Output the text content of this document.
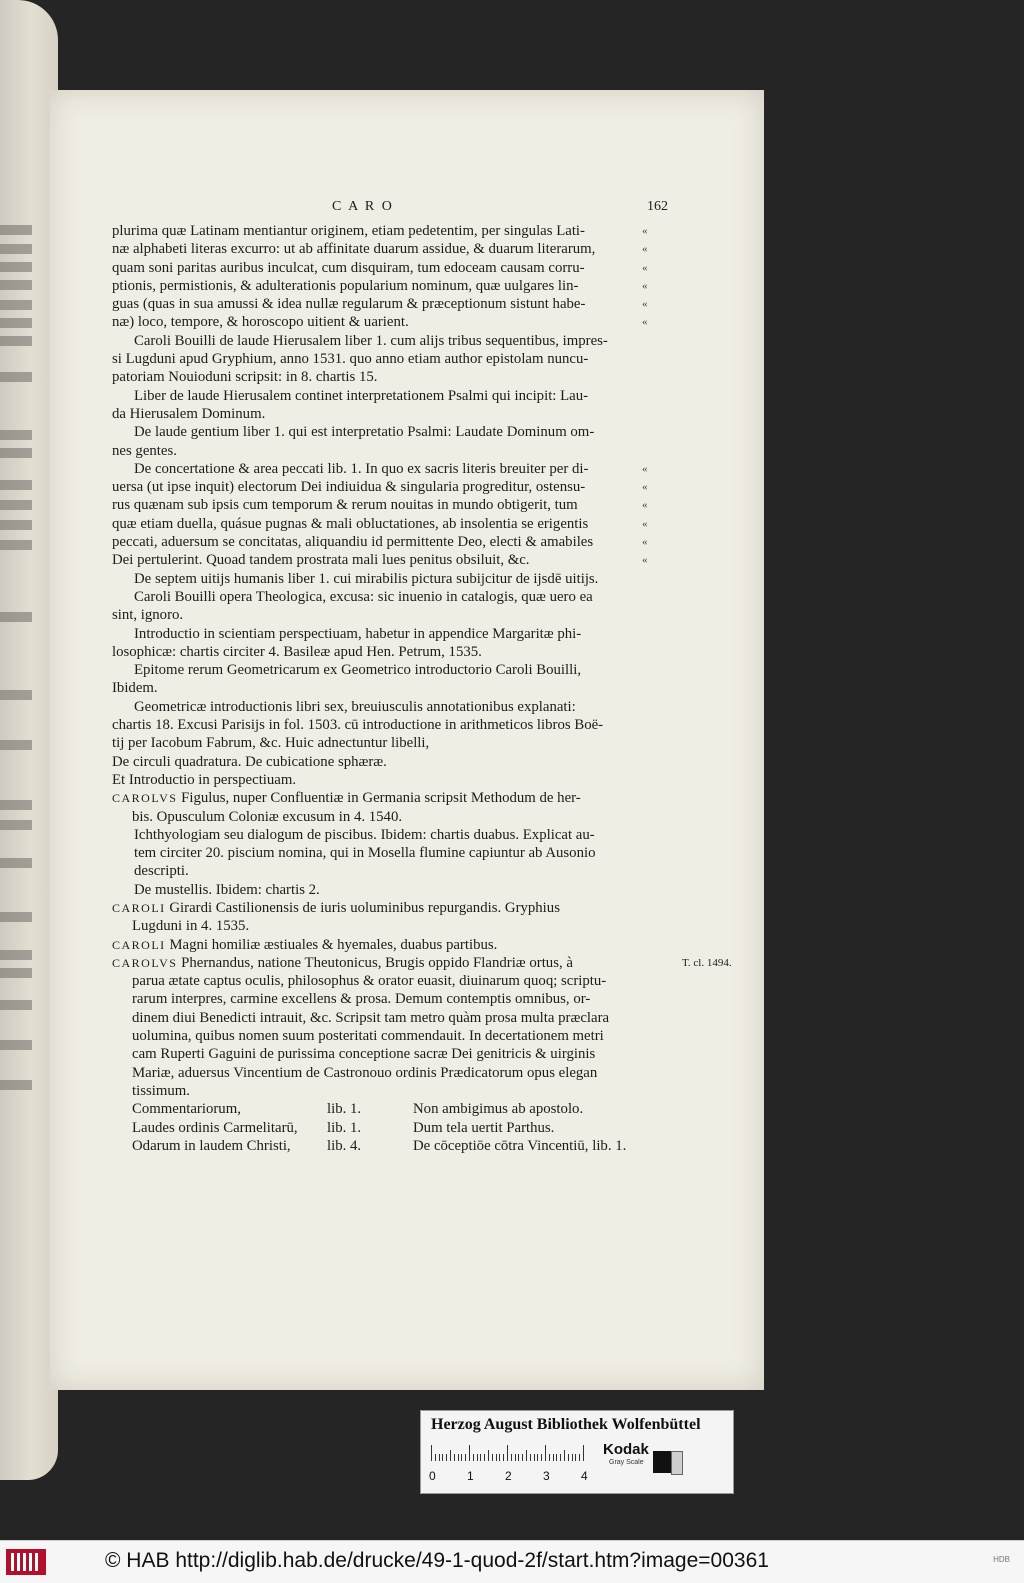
C A R O	162
plurima quæ Latinam mentiantur originem, etiam pedetentim, per singulas Lati-	«
næ alphabeti literas excurro: ut ab affinitate duarum assidue, & duarum literarum,	«
quam soni paritas auribus inculcat, cum disquiram, tum edoceam causam corru-	«
ptionis, permistionis, & adulterationis popularium nominum, quæ uulgares lin-	«
guas (quas in sua amussi & idea nullæ regularum & præceptionum sistunt habe-	«
næ) loco, tempore, & horoscopo uitient & uarient.	«
Caroli Bouilli de laude Hierusalem liber 1. cum alijs tribus sequentibus, impres-
si Lugduni apud Gryphium, anno 1531. quo anno etiam author epistolam nuncu-
patoriam Nouioduni scripsit: in 8. chartis 15.
Liber de laude Hierusalem continet interpretationem Psalmi qui incipit: Lau-
da Hierusalem Dominum.
De laude gentium liber 1. qui est interpretatio Psalmi: Laudate Dominum om-
nes gentes.
De concertatione & area peccati lib. 1. In quo ex sacris literis breuiter per di-	«
uersa (ut ipse inquit) electorum Dei indiuidua & singularia progreditur, ostensu-	«
rus quænam sub ipsis cum temporum & rerum nouitas in mundo obtigerit, tum	«
quæ etiam duella, quásue pugnas & mali obluctationes, ab insolentia se erigentis	«
peccati, aduersum se concitatas, aliquandiu id permittente Deo, electi & amabiles	«
Dei pertulerint. Quoad tandem prostrata mali lues penitus obsiluit, &c.	«
De septem uitijs humanis liber 1. cui mirabilis pictura subijcitur de ijsdē uitijs.
Caroli Bouilli opera Theologica, excusa: sic inuenio in catalogis, quæ uero ea
sint, ignoro.
Introductio in scientiam perspectiuam, habetur in appendice Margaritæ phi-
losophicæ: chartis circiter 4. Basileæ apud Hen. Petrum, 1535.
Epitome rerum Geometricarum ex Geometrico introductorio Caroli Bouilli,
Ibidem.
Geometricæ introductionis libri sex, breuiusculis annotationibus explanati:
chartis 18. Excusi Parisijs in fol. 1503. cū introductione in arithmeticos libros Boë-
tij per Iacobum Fabrum, &c. Huic adnectuntur libelli,
De circuli quadratura. De cubicatione sphæræ.
Et Introductio in perspectiuam.
CAROLVS Figulus, nuper Confluentiæ in Germania scripsit Methodum de her-
bis. Opusculum Coloniæ excusum in 4. 1540.
Ichthyologiam seu dialogum de piscibus. Ibidem: chartis duabus. Explicat au-
tem circiter 20. piscium nomina, qui in Mosella flumine capiuntur ab Ausonio
descripti.
De mustellis. Ibidem: chartis 2.
CAROLI Girardi Castilionensis de iuris uoluminibus repurgandis. Gryphius
Lugduni in 4. 1535.
CAROLI Magni homiliæ æstiuales & hyemales, duabus partibus.
CAROLVS	T. cl. 1494.
Phernandus, natione Theutonicus, Brugis oppido Flandriæ ortus, à
parua ætate captus oculis, philosophus & orator euasit, diuinarum quoq; scriptu-
rarum interpres, carmine excellens & prosa. Demum contemptis omnibus, or-
dinem diui Benedicti intrauit, &c. Scripsit tam metro quàm prosa multa præclara
uolumina, quibus nomen suum posteritati commendauit. In decertationem metri
cam Ruperti Gaguini de purissima conceptione sacræ Dei genitricis & uirginis
Mariæ, aduersus Vincentium de Castronouo ordinis Prædicatorum opus elegan
tissimum.
Commentariorum,	lib. 1.	Non ambigimus ab apostolo.
Laudes ordinis Carmelitarū,	lib. 1.	Dum tela uertit Parthus.
Odarum in laudem Christi,	lib. 4.	De cōceptiōe cōtra Vincentiū, lib. 1.
Herzog August Bibliothek Wolfenbüttel
0	1	2	3	4
Kodak
Gray Scale
© HAB http://diglib.hab.de/drucke/49-1-quod-2f/start.htm?image=00361	HDB
